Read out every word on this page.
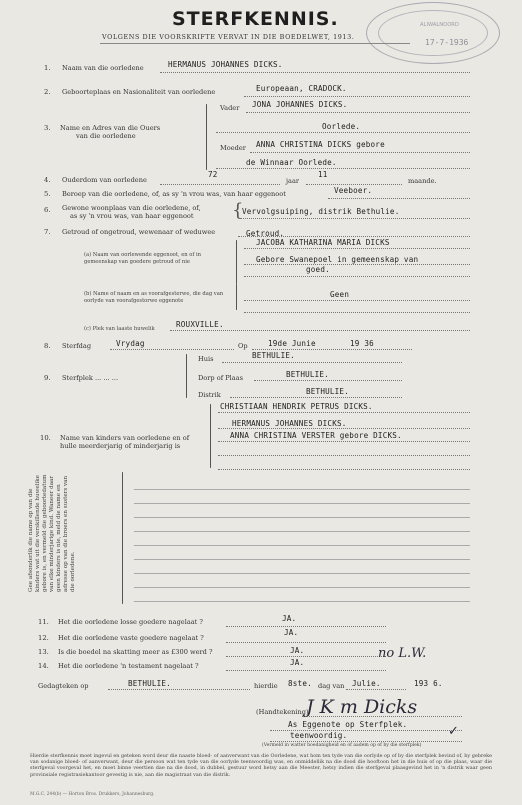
ALIWALNOORD
17-7-1936
STERFKENNIS.
VOLGENS DIE VOORSKRIFTE VERVAT IN DIE BOEDELWET, 1913.
1. Naam van die oorledene	HERMANUS JOHANNES DICKS.
2. Geboorteplaas en Nasionaliteit van oorledene	Europeaan, CRADOCK.
3. Name en Adres van die Ouers
van die oorledene
Vader JONA JOHANNES DICKS.
Oorlede.
Moeder ANNA CHRISTINA DICKS gebore
de Winnaar Oorlede.
4. Ouderdom van oorledene
72
jaar
11
maande.
5. Beroep van die oorledene, of, as sy 'n vrou was, van haar eggenoot	Veeboer.
6. Gewone woonplaas van die oorledene, of,
as sy 'n vrou was, van haar eggenoot {
Vervolgsuiping, distrik Bethulie.
7. Getroud of ongetroud, wewenaar of weduwee	Getroud.
(a) Naam van oorlewende eggenoot, en of in gemeenskap van goedere getroud of nie
JACOBA KATHARINA MARIA DICKS
Gebore Swanepoel in gemeenskap van
goed.
(b) Name of naam en as voorafgesterwe, die dag van oorlyde van voorafgestorwe eggenote
Geen
(c) Plek van laaste huwelik	ROUXVILLE.
8. Sterfdag	Vrydag	Op	19de Junie	19 36
9. Sterfplek ... ... ...
Huis	BETHULIE.
Dorp of Plaas	BETHULIE.
Distrik	BETHULIE.
10. Name van kinders van oorledene en of hulle meerderjarig of minderjarig is
CHRISTIAAN HENDRIK PETRUS DICKS.
HERMANUS JOHANNES DICKS.
ANNA CHRISTINA VERSTER gebore DICKS.
Gee afsonderlik die name op van die kinders wat uit die verskillende huwelike gebore is, en vermeld die geboortedatum van elke minderjarige kind. Waneer daar geen kinders is nie, meld die name en adresse op van die broers en susters van die oorledene.
11. Het die oorledene losse goedere nagelaat ?	JA.
12. Het die oorledene vaste goedere nagelaat ?
JA.
13. Is die boedel na skatting meer as £300 werd ?	JA.
14. Het die oorledene 'n testament nagelaat ?	JA.
no L.W.
Gedagteken op	BETHULIE.	hierdie 8ste. dag van Julie.	193 6.
(Handtekening)
J K m Dicks
As Eggenote op Sterfplek.
teenwoordig.	✓
(Vermeld in watter hoedanigheid en of aadem op of by die sterfplek)
Hierdie sterfkennis moet ingevul en geteken word deur die naaste bloed- of aanverwant van die Oorledene, wat hom ten tyde van die oorlyde op of by die sterfplek bevind of, by gebreke van sodanige bloed- of aanverwant, deur die persoon wat ten tyde van die oorlyde teenwoordig was, en onmiddellik na die dood die hooftoon het in die huis of op die plaas, waar die sterfgeval voorgeval het, en moet binne veertien dae na die dood, in dubbel, gestuur word hetsy aan die Meester, hetsy indien die sterfgeval plaasgevind het in 'n distrik waar geen provinsiale registrasiekantoor gevestig is nie, aan die magistraat van die distrik.
M.G.C. 244(b) — Horton Bros. Drukkers, Johannesburg.
